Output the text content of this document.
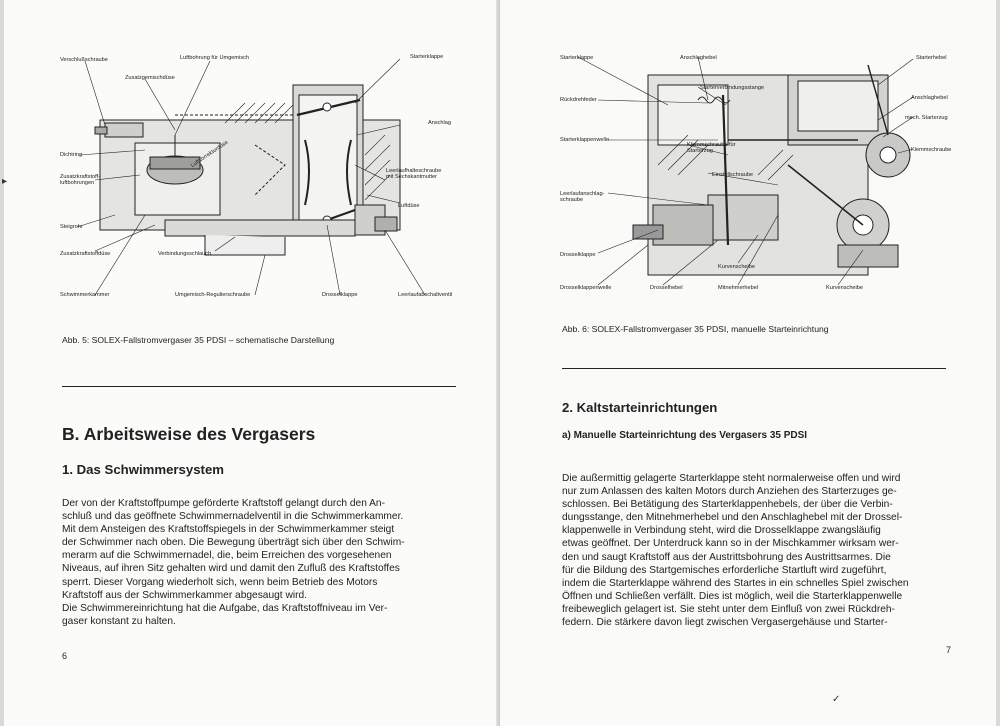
Verschlußschraube	Luftbohrung für Umgemisch	Starterklappe
Zusatzgemischdüse
Anschlag
Dichtring
Zusatzkraftstoff-
luftbohrungen
Luftkorrekturdüse
Leerlaufhalteschraube
mit Sechskantmutter
Luftdüse
Steigrohr
Zusatzkraftstoffdüse	Verbindungsschlauch
Schwimmerkammer	Umgemisch-Regulierschraube	Drosselklappe	Leerlaufabschaltventil
Abb. 5: SOLEX-Fallstromvergaser 35 PDSI – schematische Darstellung
B. Arbeitsweise des Vergasers
1. Das Schwimmersystem
Der von der Kraftstoffpumpe geförderte Kraftstoff gelangt durch den An-
schluß und das geöffnete Schwimmernadelventil in die Schwimmerkammer.
Mit dem Ansteigen des Kraftstoffspiegels in der Schwimmerkammer steigt
der Schwimmer nach oben. Die Bewegung überträgt sich über den Schwim-
merarm auf die Schwimmernadel, die, beim Erreichen des vorgesehenen
Niveaus, auf ihren Sitz gehalten wird und damit den Zufluß des Kraftstoffes
sperrt. Dieser Vorgang wiederholt sich, wenn beim Betrieb des Motors
Kraftstoff aus der Schwimmerkammer abgesaugt wird.
Die Schwimmereinrichtung hat die Aufgabe, das Kraftstoffniveau im Ver-
gaser konstant zu halten.
6
▸
Starterklappe	Anschlaghebel	Starterhebel
Rückdrehfeder
Starterverbindungsstange
Anschlaghebel
mech. Starterzug
Starterklappenwelle
Klemmschraube für
Starterzug	Klemmschraube
Einstellschraube
Leerlaufanschlag-
schraube
Drosselklappe
Kurvenscheibe
Drosselklappenwelle	Drosselhebel	Mitnehmerhebel	Kurvenscheibe
Abb. 6: SOLEX-Fallstromvergaser 35 PDSI, manuelle Starteinrichtung
2. Kaltstarteinrichtungen
a) Manuelle Starteinrichtung des Vergasers 35 PDSI
Die außermittig gelagerte Starterklappe steht normalerweise offen und wird
nur zum Anlassen des kalten Motors durch Anziehen des Starterzuges ge-
schlossen. Bei Betätigung des Starterklappenhebels, der über die Verbin-
dungsstange, den Mitnehmerhebel und den Anschlaghebel mit der Drossel-
klappenwelle in Verbindung steht, wird die Drosselklappe zwangsläufig
etwas geöffnet. Der Unterdruck kann so in der Mischkammer wirksam wer-
den und saugt Kraftstoff aus der Austrittsbohrung des Austrittsarmes. Die
für die Bildung des Startgemisches erforderliche Startluft wird zugeführt,
indem die Starterklappe während des Startes in ein schnelles Spiel zwischen
Öffnen und Schließen verfällt. Dies ist möglich, weil die Starterklappenwelle
freibeweglich gelagert ist. Sie steht unter dem Einfluß von zwei Rückdreh-
federn. Die stärkere davon liegt zwischen Vergasergehäuse und Starter-
7
✓
